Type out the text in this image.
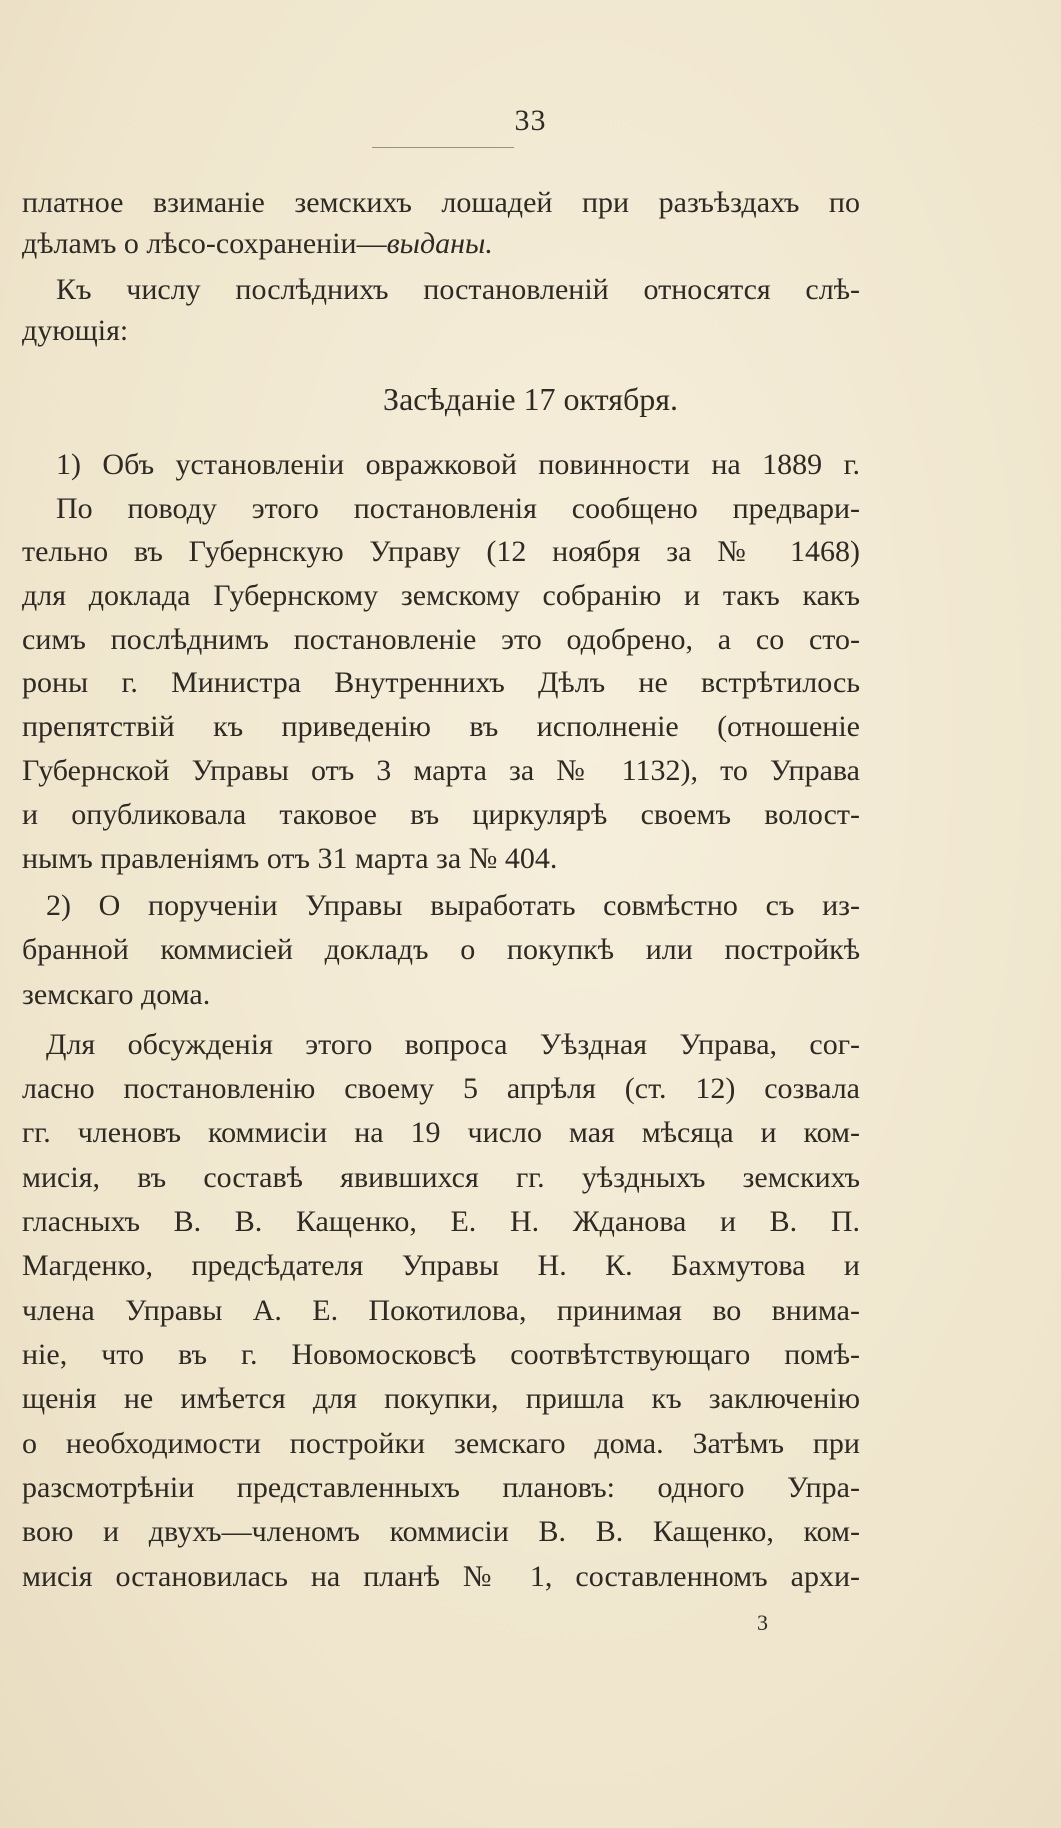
33
платное взиманіе земскихъ лошадей при разъѣздахъ по
дѣламъ о лѣсо-сохраненіи—выданы.
Къ числу послѣднихъ постановленій относятся слѣ-
дующія:
Засѣданіе 17 октября.
1) Объ установленіи овражковой повинности на 1889 г.
По поводу этого постановленія сообщено предвари-
тельно въ Губернскую Управу (12 ноября за № 1468)
для доклада Губернскому земскому собранію и такъ какъ
симъ послѣднимъ постановленіе это одобрено, а со сто-
роны г. Министра Внутреннихъ Дѣлъ не встрѣтилось
препятствій къ приведенію въ исполненіе (отношеніе
Губернской Управы отъ 3 марта за № 1132), то Управа
и опубликовала таковое въ циркулярѣ своемъ волост-
нымъ правленіямъ отъ 31 марта за № 404.
2) О порученіи Управы выработать совмѣстно съ из-
бранной коммисіей докладъ о покупкѣ или постройкѣ
земскаго дома.
Для обсужденія этого вопроса Уѣздная Управа, сог-
ласно постановленію своему 5 апрѣля (ст. 12) созвала
гг. членовъ коммисіи на 19 число мая мѣсяца и ком-
мисія, въ составѣ явившихся гг. уѣздныхъ земскихъ
гласныхъ В. В. Кащенко, Е. Н. Жданова и В. П.
Магденко, предсѣдателя Управы Н. К. Бахмутова и
члена Управы А. Е. Покотилова, принимая во внима-
ніе, что въ г. Новомосковсѣ соотвѣтствующаго помѣ-
щенія не имѣется для покупки, пришла къ заключенію
о необходимости постройки земскаго дома. Затѣмъ при
разсмотрѣніи представленныхъ плановъ: одного Упра-
вою и двухъ—членомъ коммисіи В. В. Кащенко, ком-
мисія остановилась на планѣ № 1, составленномъ архи-
3
